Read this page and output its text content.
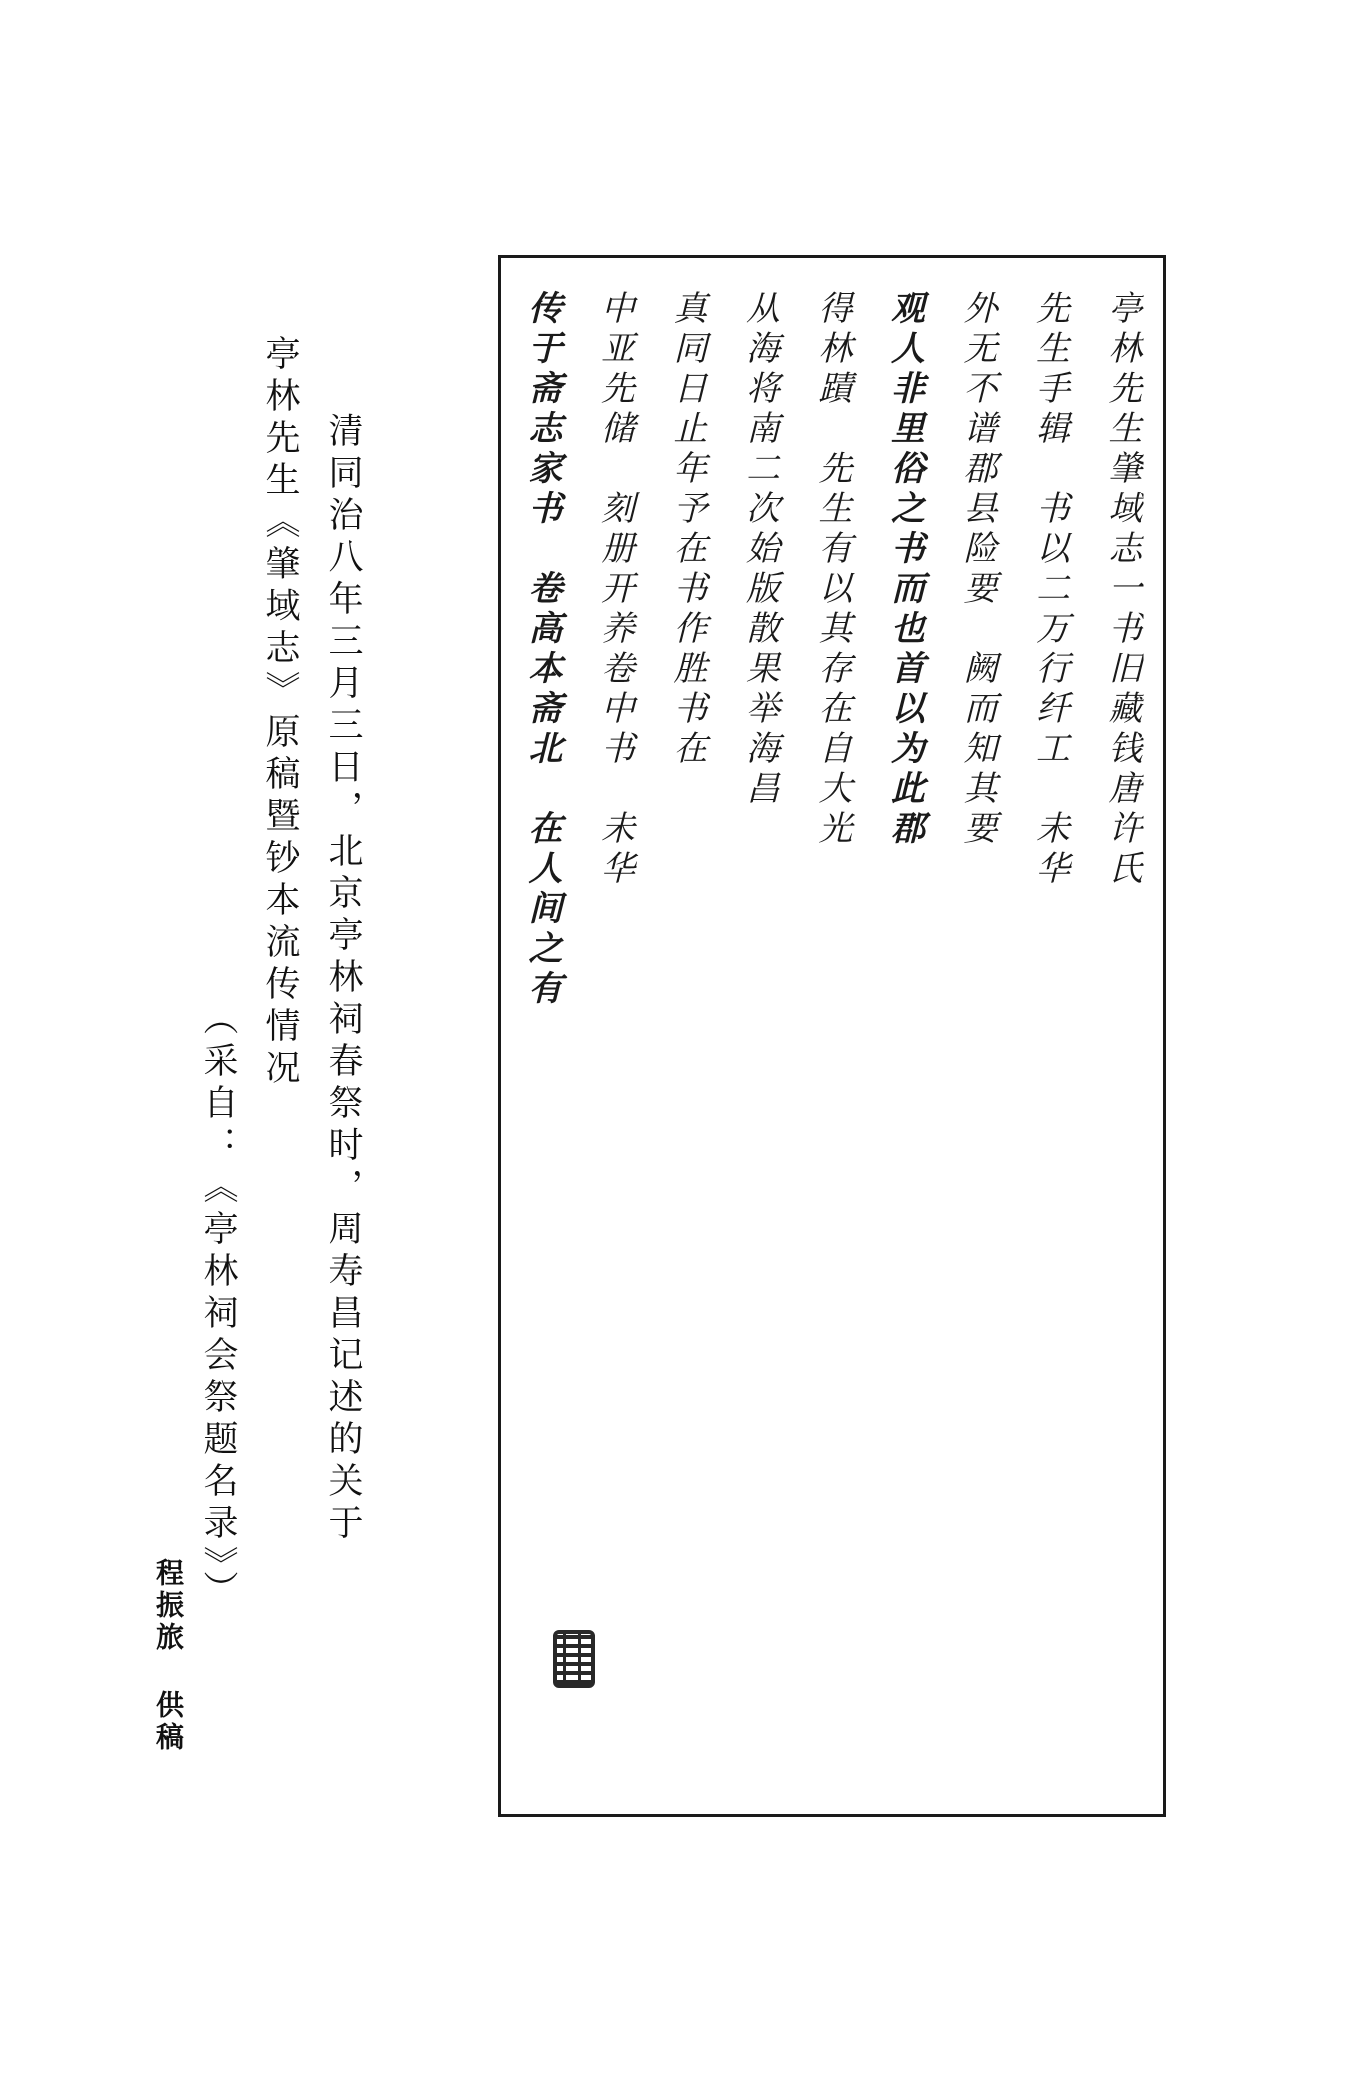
亭林先生肇域志一书旧藏钱唐许氏
先生手辑　书以二万行纤工　未华
外无不谱郡县险要　阙而知其要
观人非里俗之书而也首以为此郡
得林蹟　先生有以其存在自大光
从海将南二次始版散果举海昌
真同日止年予在书作胜书在
中亚先储　刻册开养卷中书　未华
传于斋志家书　卷高本斋北　在人间之有
清同治八年三月三日，北京亭林祠春祭时，周寿昌记述的关于
亭林先生《肇域志》原稿暨钞本流传情况
（采自：《亭林祠会祭题名录》）
程振旅
供稿
